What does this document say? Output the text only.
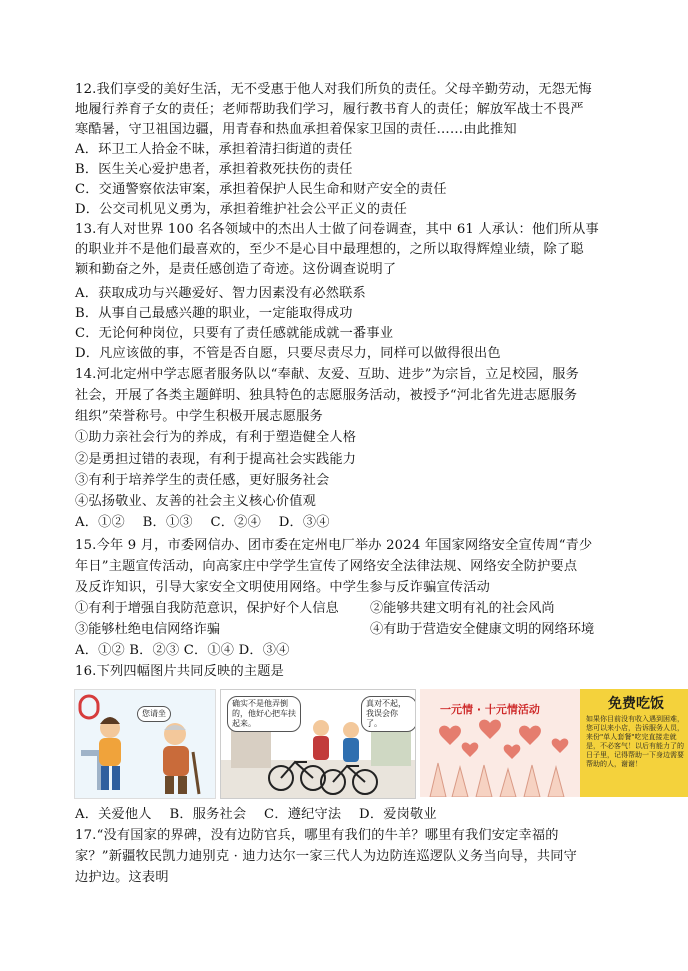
12.我们享受的美好生活，无不受惠于他人对我们所负的责任。父母辛勤劳动，无怨无悔
地履行养育子女的责任；老师帮助我们学习，履行教书育人的责任；解放军战士不畏严
寒酷暑，守卫祖国边疆，用青春和热血承担着保家卫国的责任……由此推知
A．环卫工人拾金不昧，承担着清扫街道的责任
B．医生关心爱护患者，承担着救死扶伤的责任
C．交通警察依法审案，承担着保护人民生命和财产安全的责任
D．公交司机见义勇为，承担着维护社会公平正义的责任
13.有人对世界 100 名各领域中的杰出人士做了问卷调查，其中 61 人承认：他们所从事
的职业并不是他们最喜欢的，至少不是心目中最理想的，之所以取得辉煌业绩，除了聪
颖和勤奋之外，是责任感创造了奇迹。这份调查说明了
A．获取成功与兴趣爱好、智力因素没有必然联系
B．从事自己最感兴趣的职业，一定能取得成功
C．无论何种岗位，只要有了责任感就能成就一番事业
D．凡应该做的事，不管是否自愿，只要尽责尽力，同样可以做得很出色
14.河北定州中学志愿者服务队以“奉献、友爱、互助、进步”为宗旨，立足校园，服务
社会，开展了各类主题鲜明、独具特色的志愿服务活动，被授予“河北省先进志愿服务
组织”荣誉称号。中学生积极开展志愿服务
①助力亲社会行为的养成，有利于塑造健全人格
②是勇担过错的表现，有利于提高社会实践能力
③有利于培养学生的责任感，更好服务社会
④弘扬敬业、友善的社会主义核心价值观
A．①②　 B．①③　 C．②④　 D．③④
15.今年 9 月，市委网信办、团市委在定州电厂举办 2024 年国家网络安全宣传周“青少
年日”主题宣传活动，向高家庄中学学生宣传了网络安全法律法规、网络安全防护要点
及反诈知识，引导大家安全文明使用网络。中学生参与反诈骗宣传活动
①有利于增强自我防范意识，保护好个人信息 ②能够共建文明有礼的社会风尚
③能够杜绝电信网络诈骗	④有助于营造安全健康文明的网络环境
A．①② B．②③ C．①④ D．③④
16.下列四幅图片共同反映的主题是
您请坐
确实不是他弄倒的，他好心把车扶起来。
真对不起，我误会你了。
一元情 · 十元情活动	免费吃饭
如果你目前没有收入遇到困难，您可以来小店，告诉服务人员，来份"单人套餐"吃完直接走就是，不必客气！以后有能力了的日子里，记得帮助一下身边需要帮助的人，谢谢！
A．关爱他人　 B．服务社会　 C．遵纪守法　 D．爱岗敬业
17.“没有国家的界碑，没有边防官兵，哪里有我们的牛羊？哪里有我们安定幸福的
家？”新疆牧民凯力迪别克 · 迪力达尔一家三代人为边防连巡逻队义务当向导，共同守
边护边。这表明
